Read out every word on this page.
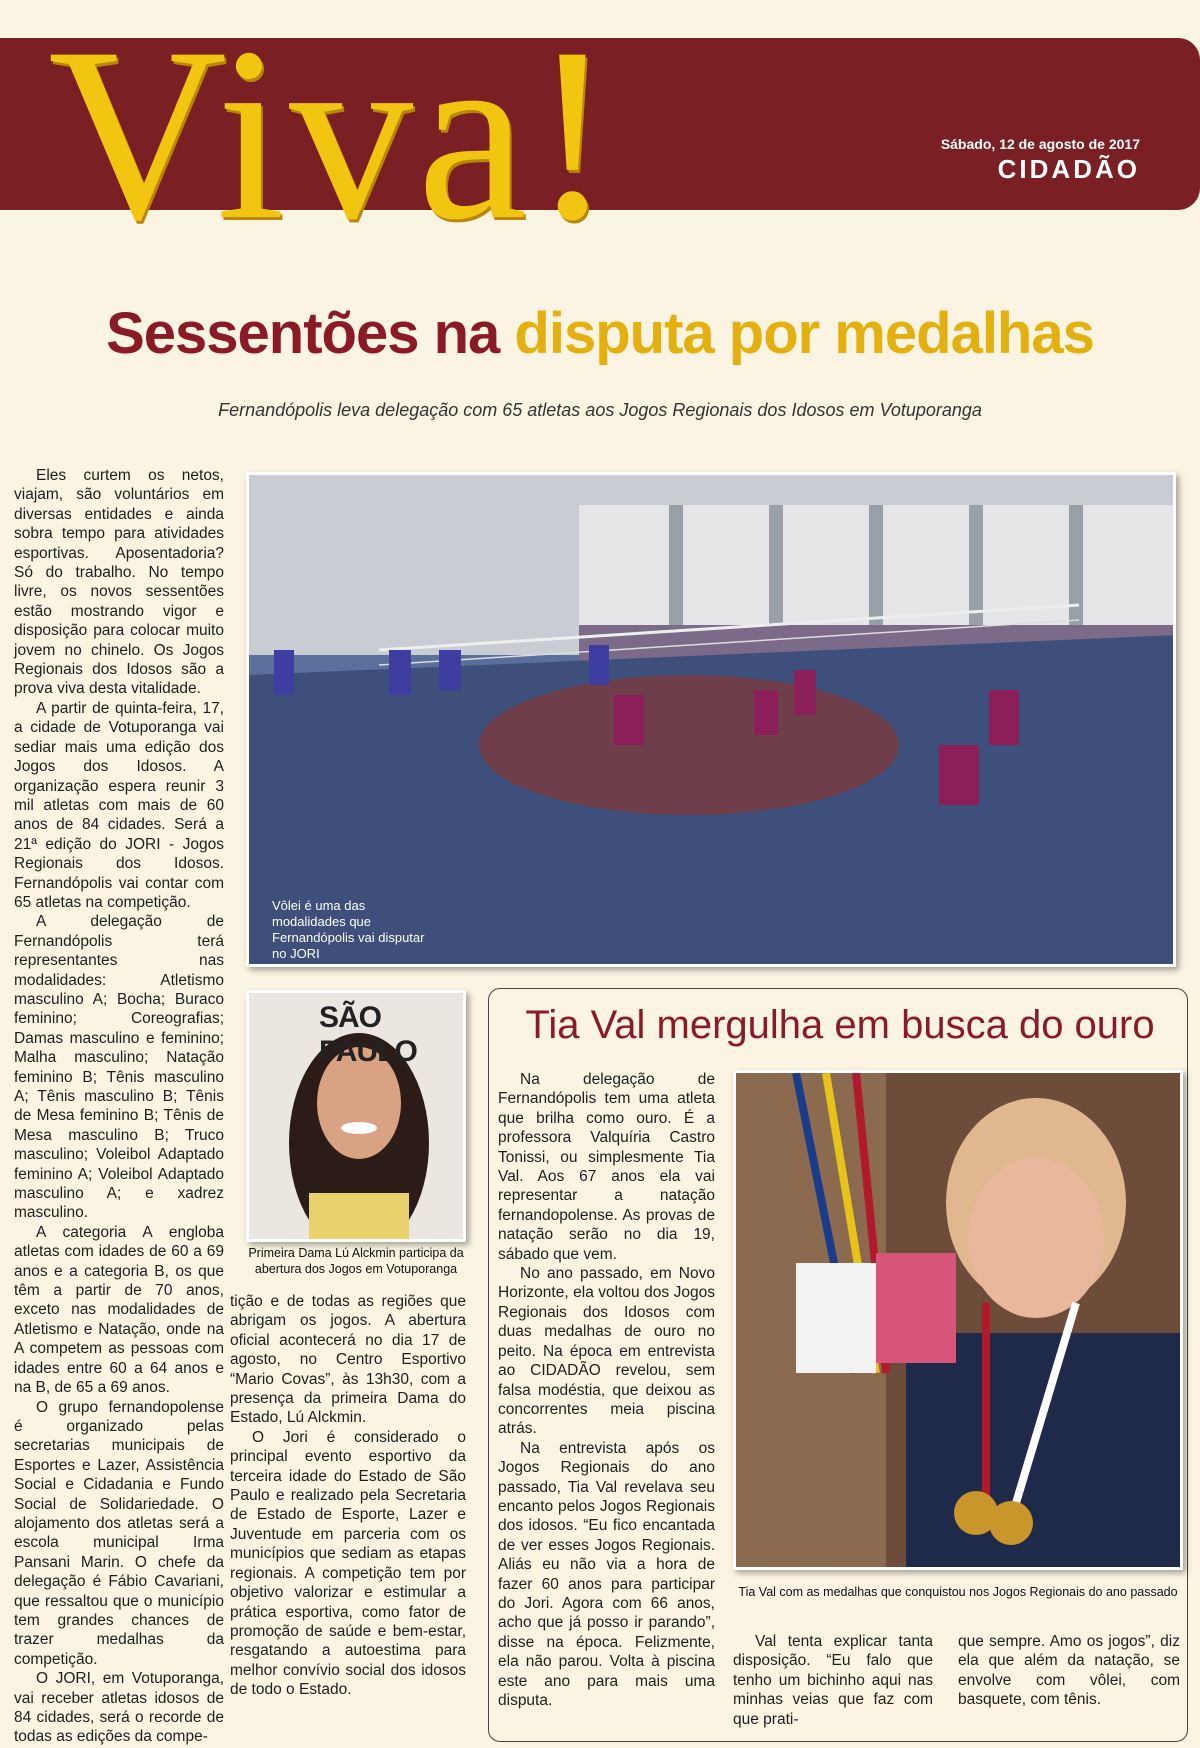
Viva!	Sábado, 12 de agosto de 2017
CIDADÃO
Sessentões na disputa por medalhas
Fernandópolis leva delegação com 65 atletas aos Jogos Regionais dos Idosos em Votuporanga

Eles curtem os netos, viajam, são voluntários em diversas entidades e ainda sobra tempo para atividades esportivas. Aposentadoria? Só do trabalho. No tempo livre, os novos sessentões estão mostrando vigor e disposição para colocar muito jovem no chinelo. Os Jogos Regionais dos Idosos são a prova viva desta vitalidade.

A partir de quinta-feira, 17, a cidade de Votuporanga vai sediar mais uma edição dos Jogos dos Idosos. A organização espera reunir 3 mil atletas com mais de 60 anos de 84 cidades. Será a 21ª edição do JORI - Jogos Regionais dos Idosos. Fernandópolis vai contar com 65 atletas na competição.

A delegação de Fernandópolis terá representantes nas modalidades: Atletismo masculino A; Bocha; Buraco feminino; Coreografias; Damas masculino e feminino; Malha masculino; Natação feminino B; Tênis masculino A; Tênis masculino B; Tênis de Mesa feminino B; Tênis de Mesa masculino B; Truco masculino; Voleibol Adaptado feminino A; Voleibol Adaptado masculino A; e xadrez masculino.

A categoria A engloba atletas com idades de 60 a 69 anos e a categoria B, os que têm a partir de 70 anos, exceto nas modalidades de Atletismo e Natação, onde na A competem as pessoas com idades entre 60 a 64 anos e na B, de 65 a 69 anos.

O grupo fernandopolense é organizado pelas secretarias municipais de Esportes e Lazer, Assistência Social e Cidadania e Fundo Social de Solidariedade. O alojamento dos atletas será a escola municipal Irma Pansani Marin. O chefe da delegação é Fábio Cavariani, que ressaltou que o município tem grandes chances de trazer medalhas da competição.

O JORI, em Votuporanga, vai receber atletas idosos de 84 cidades, será o recorde de todas as edições da compe-

Vôlei é uma das modalidades que Fernandópolis vai disputar no JORI
SÃO PAULO
Primeira Dama Lú Alckmin participa da abertura dos Jogos em Votuporanga

tição e de todas as regiões que abrigam os jogos. A abertura oficial acontecerá no dia 17 de agosto, no Centro Esportivo “Mario Covas”, às 13h30, com a presença da primeira Dama do Estado, Lú Alckmin.

O Jori é considerado o principal evento esportivo da terceira idade do Estado de São Paulo e realizado pela Secretaria de Estado de Esporte, Lazer e Juventude em parceria com os municípios que sediam as etapas regionais. A competição tem por objetivo valorizar e estimular a prática esportiva, como fator de promoção de saúde e bem-estar, resgatando a autoestima para melhor convívio social dos idosos de todo o Estado.

Tia Val mergulha em busca do ouro

Na delegação de Fernandópolis tem uma atleta que brilha como ouro. É a professora Valquíria Castro Tonissi, ou simplesmente Tia Val. Aos 67 anos ela vai representar a natação fernandopolense. As provas de natação serão no dia 19, sábado que vem.

No ano passado, em Novo Horizonte, ela voltou dos Jogos Regionais dos Idosos com duas medalhas de ouro no peito. Na época em entrevista ao CIDADÃO revelou, sem falsa modéstia, que deixou as concorrentes meia piscina atrás.

Na entrevista após os Jogos Regionais do ano passado, Tia Val revelava seu encanto pelos Jogos Regionais dos idosos. “Eu fico encantada de ver esses Jogos Regionais. Aliás eu não via a hora de fazer 60 anos para participar do Jori. Agora com 66 anos, acho que já posso ir parando”, disse na época. Felizmente, ela não parou. Volta à piscina este ano para mais uma disputa.

Tia Val com as medalhas que conquistou nos Jogos Regionais do ano passado

Val tenta explicar tanta disposição. “Eu falo que tenho um bichinho aqui nas minhas veias que faz com que prati-

que sempre. Amo os jogos”, diz ela que além da natação, se envolve com vôlei, com basquete, com tênis.
